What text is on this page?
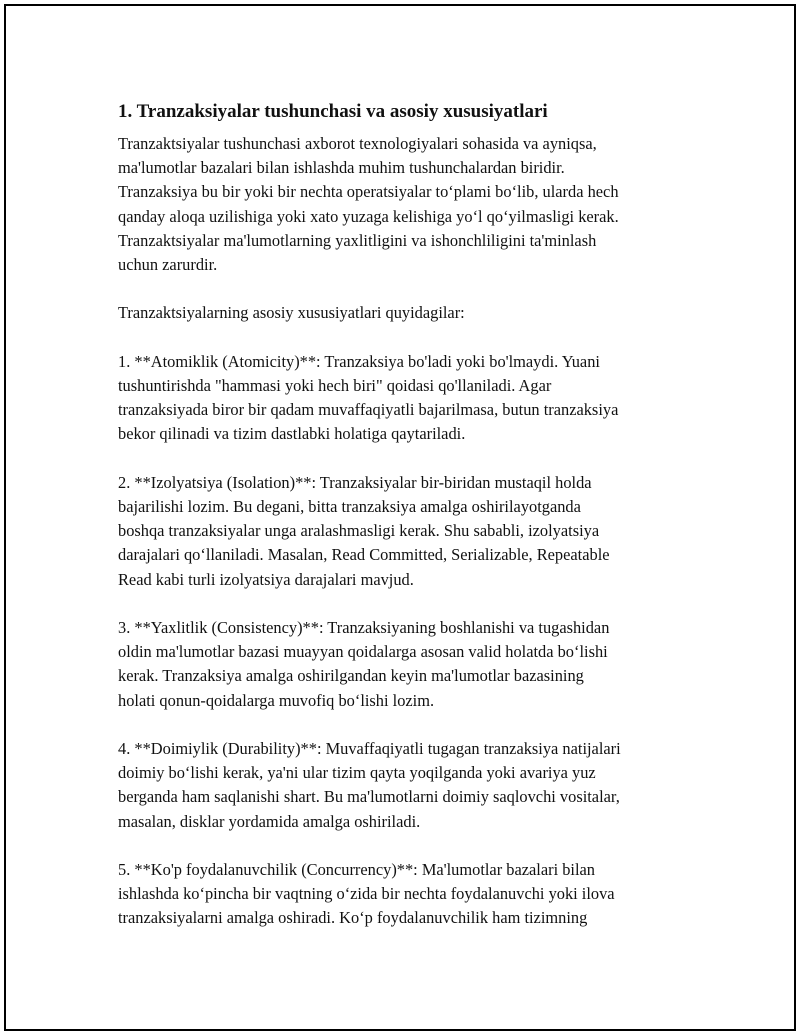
1. Tranzaksiyalar tushunchasi va asosiy xususiyatlari

Tranzaktsiyalar tushunchasi axborot texnologiyalari sohasida va ayniqsa,
ma'lumotlar bazalari bilan ishlashda muhim tushunchalardan biridir.
Tranzaksiya bu bir yoki bir nechta operatsiyalar to‘plami bo‘lib, ularda hech
qanday aloqa uzilishiga yoki xato yuzaga kelishiga yo‘l qo‘yilmasligi kerak.
Tranzaktsiyalar ma'lumotlarning yaxlitligini va ishonchliligini ta'minlash
uchun zarurdir.

Tranzaktsiyalarning asosiy xususiyatlari quyidagilar:

1. **Atomiklik (Atomicity)**: Tranzaksiya bo'ladi yoki bo'lmaydi. Yuani
tushuntirishda "hammasi yoki hech biri" qoidasi qo'llaniladi. Agar
tranzaksiyada biror bir qadam muvaffaqiyatli bajarilmasa, butun tranzaksiya
bekor qilinadi va tizim dastlabki holatiga qaytariladi.

2. **Izolyatsiya (Isolation)**: Tranzaksiyalar bir-biridan mustaqil holda
bajarilishi lozim. Bu degani, bitta tranzaksiya amalga oshirilayotganda
boshqa tranzaksiyalar unga aralashmasligi kerak. Shu sababli, izolyatsiya
darajalari qo‘llaniladi. Masalan, Read Committed, Serializable, Repeatable
Read kabi turli izolyatsiya darajalari mavjud.

3. **Yaxlitlik (Consistency)**: Tranzaksiyaning boshlanishi va tugashidan
oldin ma'lumotlar bazasi muayyan qoidalarga asosan valid holatda bo‘lishi
kerak. Tranzaksiya amalga oshirilgandan keyin ma'lumotlar bazasining
holati qonun-qoidalarga muvofiq bo‘lishi lozim.

4. **Doimiylik (Durability)**: Muvaffaqiyatli tugagan tranzaksiya natijalari
doimiy bo‘lishi kerak, ya'ni ular tizim qayta yoqilganda yoki avariya yuz
berganda ham saqlanishi shart. Bu ma'lumotlarni doimiy saqlovchi vositalar,
masalan, disklar yordamida amalga oshiriladi.

5. **Ko'p foydalanuvchilik (Concurrency)**: Ma'lumotlar bazalari bilan
ishlashda ko‘pincha bir vaqtning o‘zida bir nechta foydalanuvchi yoki ilova
tranzaksiyalarni amalga oshiradi. Ko‘p foydalanuvchilik ham tizimning
